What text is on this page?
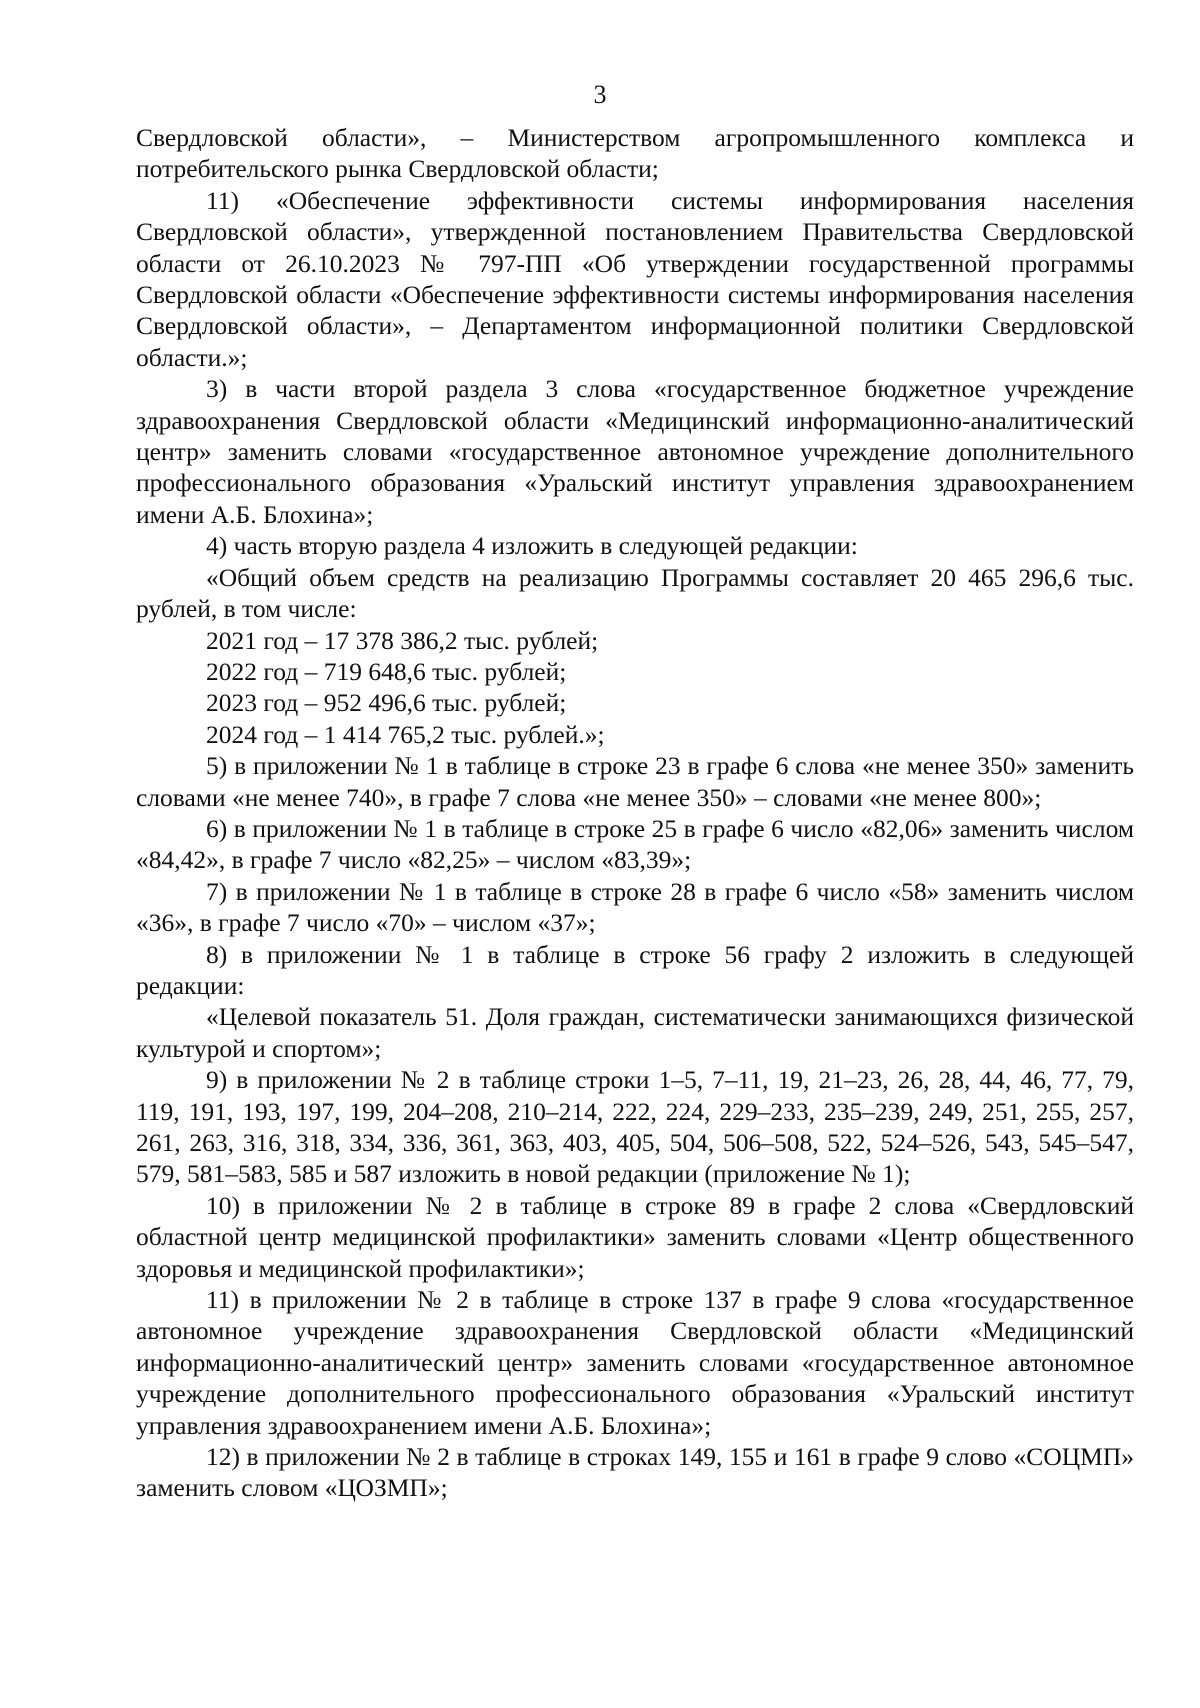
3

Свердловской области», – Министерством агропромышленного комплекса и потребительского рынка Свердловской области;

11) «Обеспечение эффективности системы информирования населения Свердловской области», утвержденной постановлением Правительства Свердловской области от 26.10.2023 № 797-ПП «Об утверждении государственной программы Свердловской области «Обеспечение эффективности системы информирования населения Свердловской области», – Департаментом информационной политики Свердловской области.»;

3) в части второй раздела 3 слова «государственное бюджетное учреждение здравоохранения Свердловской области «Медицинский информационно-аналитический центр» заменить словами «государственное автономное учреждение дополнительного профессионального образования «Уральский институт управления здравоохранением имени А.Б. Блохина»;

4) часть вторую раздела 4 изложить в следующей редакции:

«Общий объем средств на реализацию Программы составляет 20 465 296,6 тыс. рублей, в том числе:

2021 год – 17 378 386,2 тыс. рублей;

2022 год – 719 648,6 тыс. рублей;

2023 год – 952 496,6 тыс. рублей;

2024 год – 1 414 765,2 тыс. рублей.»;

5) в приложении № 1 в таблице в строке 23 в графе 6 слова «не менее 350» заменить словами «не менее 740», в графе 7 слова «не менее 350» – словами «не менее 800»;

6) в приложении № 1 в таблице в строке 25 в графе 6 число «82,06» заменить числом «84,42», в графе 7 число «82,25» – числом «83,39»;

7) в приложении № 1 в таблице в строке 28 в графе 6 число «58» заменить числом «36», в графе 7 число «70» – числом «37»;

8) в приложении № 1 в таблице в строке 56 графу 2 изложить в следующей редакции:

«Целевой показатель 51. Доля граждан, систематически занимающихся физической культурой и спортом»;

9) в приложении № 2 в таблице строки 1–5, 7–11, 19, 21–23, 26, 28, 44, 46, 77, 79, 119, 191, 193, 197, 199, 204–208, 210–214, 222, 224, 229–233, 235–239, 249, 251, 255, 257, 261, 263, 316, 318, 334, 336, 361, 363, 403, 405, 504, 506–508, 522, 524–526, 543, 545–547, 579, 581–583, 585 и 587 изложить в новой редакции (приложение № 1);

10) в приложении № 2 в таблице в строке 89 в графе 2 слова «Свердловский областной центр медицинской профилактики» заменить словами «Центр общественного здоровья и медицинской профилактики»;

11) в приложении № 2 в таблице в строке 137 в графе 9 слова «государственное автономное учреждение здравоохранения Свердловской области «Медицинский информационно-аналитический центр» заменить словами «государственное автономное учреждение дополнительного профессионального образования «Уральский институт управления здравоохранением имени А.Б. Блохина»;

12) в приложении № 2 в таблице в строках 149, 155 и 161 в графе 9 слово «СОЦМП» заменить словом «ЦОЗМП»;
